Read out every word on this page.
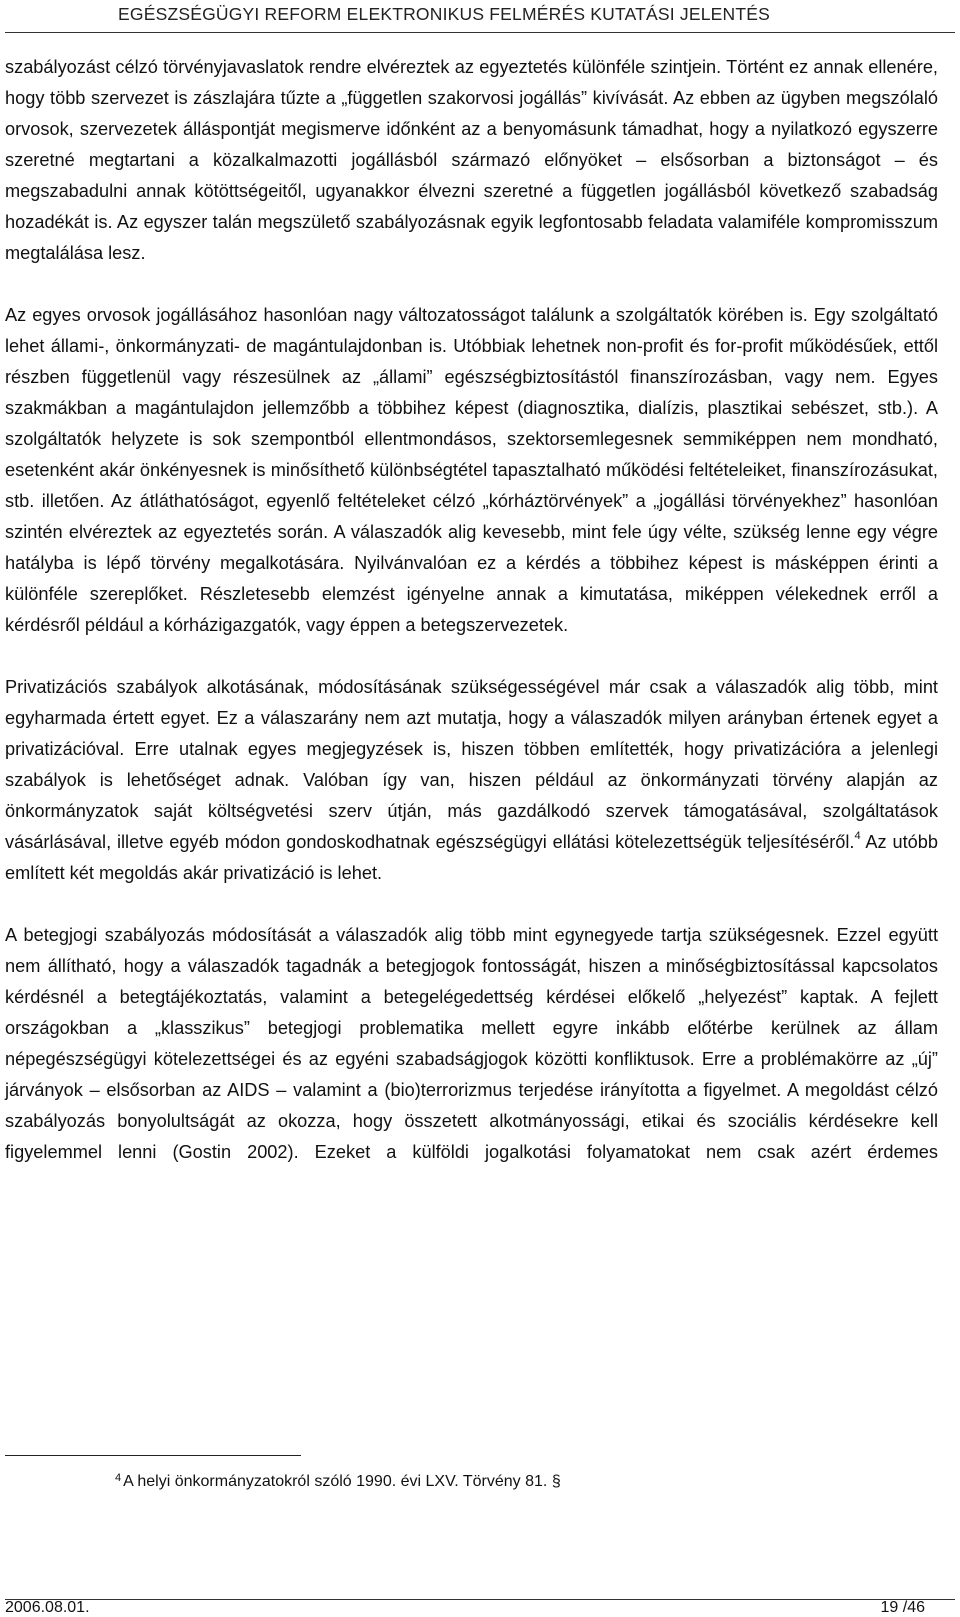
EGÉSZSÉGÜGYI REFORM ELEKTRONIKUS FELMÉRÉS KUTATÁSI JELENTÉS

szabályozást célzó törvényjavaslatok rendre elvéreztek az egyeztetés különféle szintjein. Történt ez annak ellenére, hogy több szervezet is zászlajára tűzte a „független szakorvosi jogállás” kivívását. Az ebben az ügyben megszólaló orvosok, szervezetek álláspontját megismerve időnként az a benyomásunk támadhat, hogy a nyilatkozó egyszerre szeretné megtartani a közalkalmazotti jogállásból származó előnyöket – elsősorban a biztonságot – és megszabadulni annak kötöttségeitől, ugyanakkor élvezni szeretné a független jogállásból következő szabadság hozadékát is. Az egyszer talán megszülető szabályozásnak egyik legfontosabb feladata valamiféle kompromisszum megtalálása lesz.

Az egyes orvosok jogállásához hasonlóan nagy változatosságot találunk a szolgáltatók körében is. Egy szolgáltató lehet állami-, önkormányzati- de magántulajdonban is. Utóbbiak lehetnek non-profit és for-profit működésűek, ettől részben függetlenül vagy részesülnek az „állami” egészségbiztosítástól finanszírozásban, vagy nem. Egyes szakmákban a magántulajdon jellemzőbb a többihez képest (diagnosztika, dialízis, plasztikai sebészet, stb.). A szolgáltatók helyzete is sok szempontból ellentmondásos, szektorsemlegesnek semmiképpen nem mondható, esetenként akár önkényesnek is minősíthető különbségtétel tapasztalható működési feltételeiket, finanszírozásukat, stb. illetően. Az átláthatóságot, egyenlő feltételeket célzó „kórháztörvények” a „jogállási törvényekhez” hasonlóan szintén elvéreztek az egyeztetés során. A válaszadók alig kevesebb, mint fele úgy vélte, szükség lenne egy végre hatályba is lépő törvény megalkotására. Nyilvánvalóan ez a kérdés a többihez képest is másképpen érinti a különféle szereplőket. Részletesebb elemzést igényelne annak a kimutatása, miképpen vélekednek erről a kérdésről például a kórházigazgatók, vagy éppen a betegszervezetek.

Privatizációs szabályok alkotásának, módosításának szükségességével már csak a válaszadók alig több, mint egyharmada értett egyet. Ez a válaszarány nem azt mutatja, hogy a válaszadók milyen arányban értenek egyet a privatizációval. Erre utalnak egyes megjegyzések is, hiszen többen említették, hogy privatizációra a jelenlegi szabályok is lehetőséget adnak. Valóban így van, hiszen például az önkormányzati törvény alapján az önkormányzatok saját költségvetési szerv útján, más gazdálkodó szervek támogatásával, szolgáltatások vásárlásával, illetve egyéb módon gondoskodhatnak egészségügyi ellátási kötelezettségük teljesítéséről.$^4$ Az utóbb említett két megoldás akár privatizáció is lehet.

A betegjogi szabályozás módosítását a válaszadók alig több mint egynegyede tartja szükségesnek. Ezzel együtt nem állítható, hogy a válaszadók tagadnák a betegjogok fontosságát, hiszen a minőségbiztosítással kapcsolatos kérdésnél a betegtájékoztatás, valamint a betegelégedettség kérdései előkelő „helyezést” kaptak. A fejlett országokban a „klasszikus” betegjogi problematika mellett egyre inkább előtérbe kerülnek az állam népegészségügyi kötelezettségei és az egyéni szabadságjogok közötti konfliktusok. Erre a problémakörre az „új” járványok – elsősorban az AIDS – valamint a (bio)terrorizmus terjedése irányította a figyelmet. A megoldást célzó szabályozás bonyolultságát az okozza, hogy összetett alkotmányossági, etikai és szociális kérdésekre kell figyelemmel lenni (Gostin 2002). Ezeket a külföldi jogalkotási folyamatokat nem csak azért érdemes

$^4$ A helyi önkormányzatokról szóló 1990. évi LXV. Törvény 81. §
2006.08.01.	19 /46
